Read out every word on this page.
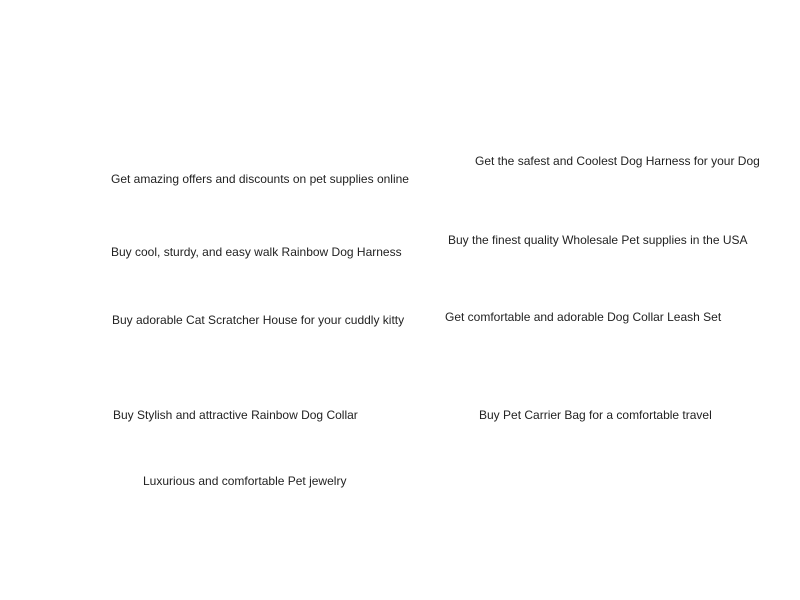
Get the safest and Coolest Dog Harness for your Dog
Get amazing offers and discounts on pet supplies online
Buy the finest quality Wholesale Pet supplies in the USA
Buy cool, sturdy, and easy walk Rainbow Dog Harness
Get comfortable and adorable Dog Collar Leash Set
Buy adorable Cat Scratcher House for your cuddly kitty
Buy Stylish and attractive Rainbow Dog Collar	Buy Pet Carrier Bag for a comfortable travel
Luxurious and comfortable Pet jewelry
